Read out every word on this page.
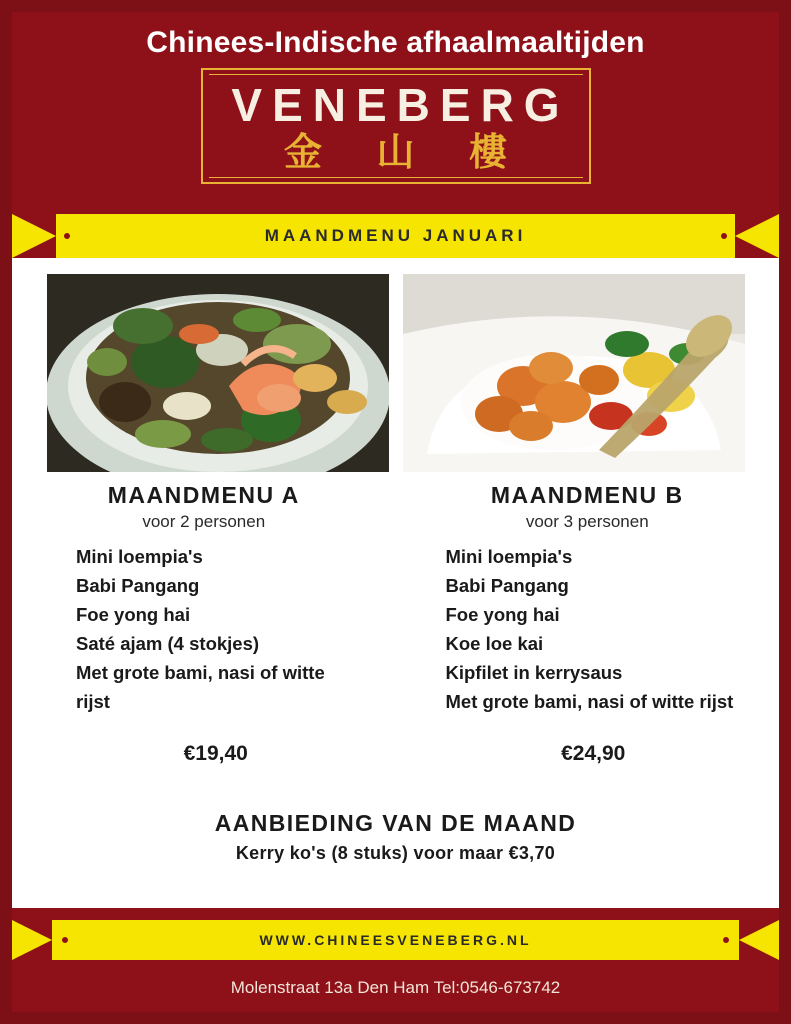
Chinees-Indische afhaalmaaltijden

VENEBERG

金 山 樓

MAANDMENU JANUARI
MAANDMENU A

voor 2 personen

Mini loempia's
Babi Pangang
Foe yong hai
Saté ajam (4 stokjes)
Met grote bami, nasi of witte rijst
MAANDMENU B

voor 3 personen

Mini loempia's
Babi Pangang
Foe yong hai
Koe loe kai
Kipfilet in kerrysaus
Met grote bami, nasi of witte rijst
€19,40	€24,90
AANBIEDING VAN DE MAAND

Kerry ko's (8 stuks) voor maar €3,70

WWW.CHINEESVENEBERG.NL
Molenstraat 13a Den Ham Tel:0546-673742
